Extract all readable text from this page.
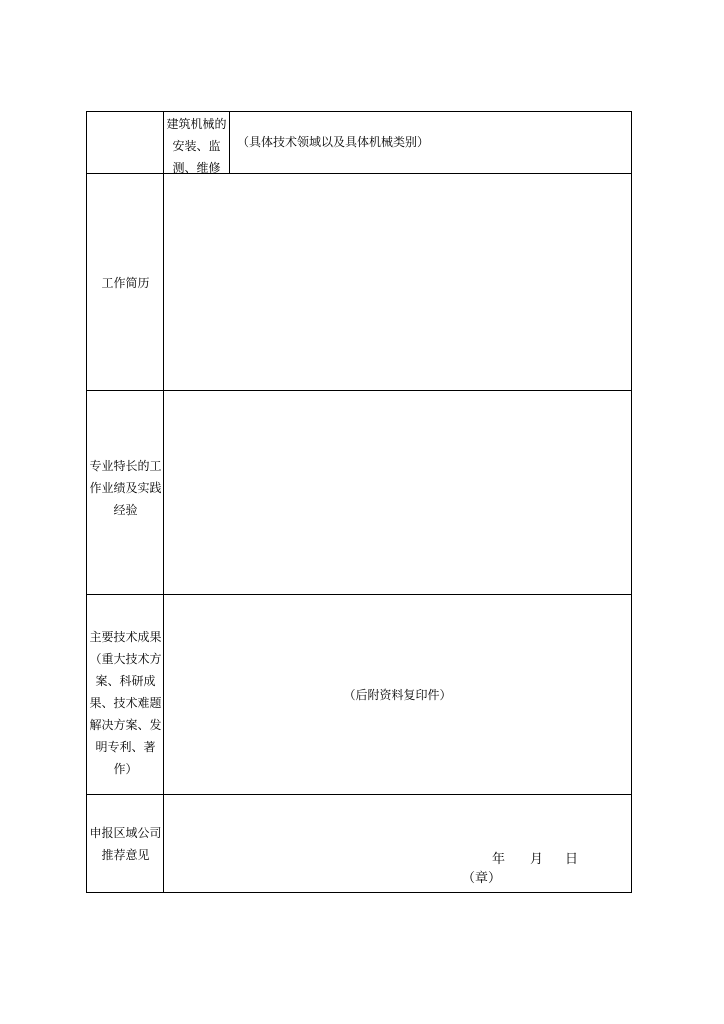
建筑机械的安装、监测、维修
（具体技术领域以及具体机械类别）
工作简历
专业特长的工作业绩及实践经验
主要技术成果（重大技术方案、科研成果、技术难题解决方案、发明专利、著作）
（后附资料复印件）
申报区域公司推荐意见	年 月 日
（章）
